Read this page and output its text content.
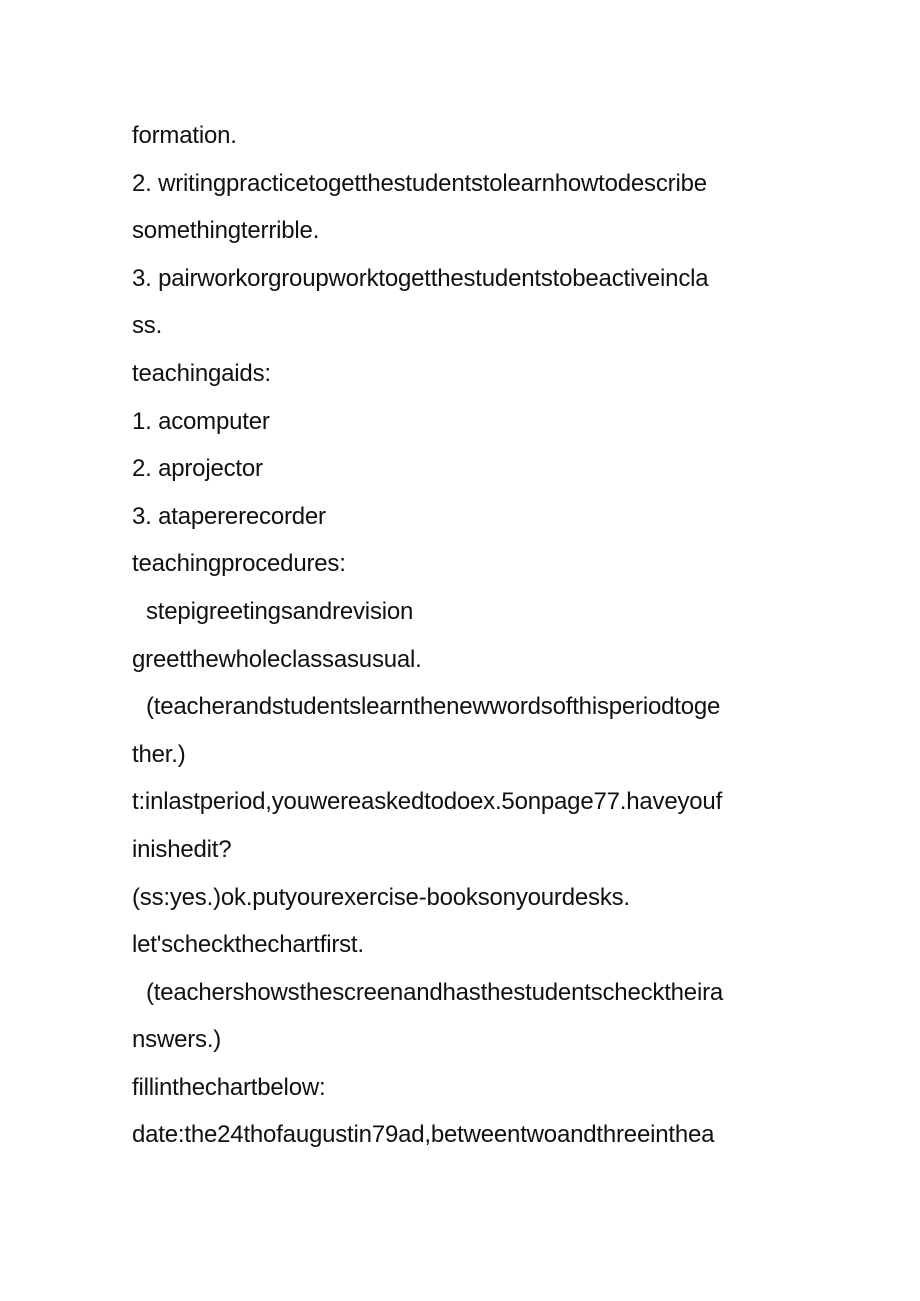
formation.
2. writingpracticetogetthestudentstolearnhowtodescribe
somethingterrible.
3. pairworkorgroupworktogetthestudentstobeactiveincla
ss.
teachingaids:
1. acomputer
2. aprojector
3. atapererecorder
teachingprocedures:
stepigreetingsandrevision
greetthewholeclassasusual.
(teacherandstudentslearnthenewwordsofthisperiodtoge
ther.)
t:inlastperiod,youwereaskedtodoex.5onpage77.haveyouf
inishedit?
(ss:yes.)ok.putyourexercise-booksonyourdesks.
let'scheckthechartfirst.
(teachershowsthescreenandhasthestudentschecktheira
nswers.)
fillinthechartbelow:
date:the24thofaugustin79ad,betweentwoandthreeinthea
